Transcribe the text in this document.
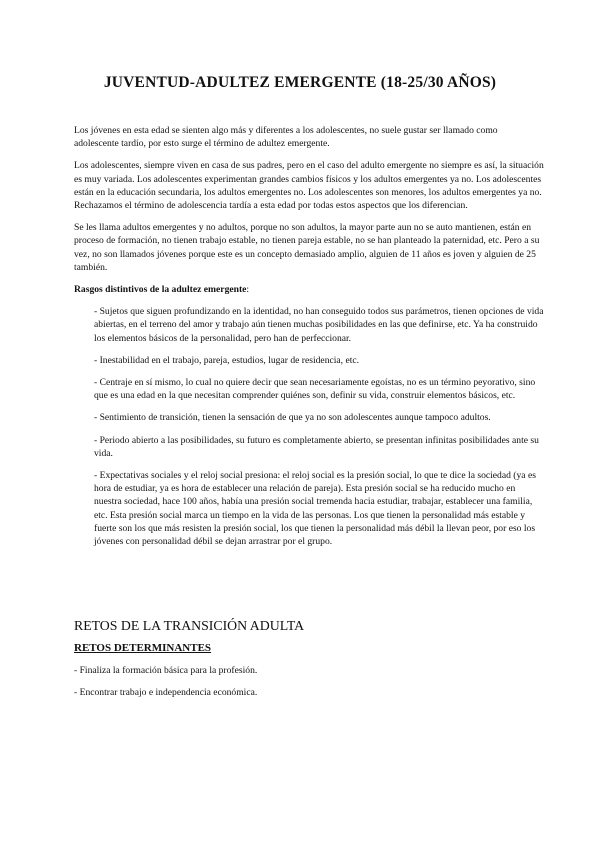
JUVENTUD-ADULTEZ EMERGENTE (18-25/30 AÑOS)

Los jóvenes en esta edad se sienten algo más y diferentes a los adolescentes, no suele gustar ser llamado como adolescente tardío, por esto surge el término de adultez emergente.

Los adolescentes, siempre viven en casa de sus padres, pero en el caso del adulto emergente no siempre es así, la situación es muy variada. Los adolescentes experimentan grandes cambios físicos y los adultos emergentes ya no. Los adolescentes están en la educación secundaria, los adultos emergentes no. Los adolescentes son menores, los adultos emergentes ya no. Rechazamos el término de adolescencia tardía a esta edad por todas estos aspectos que los diferencian.

Se les llama adultos emergentes y no adultos, porque no son adultos, la mayor parte aun no se auto mantienen, están en proceso de formación, no tienen trabajo estable, no tienen pareja estable, no se han planteado la paternidad, etc. Pero a su vez, no son llamados jóvenes porque este es un concepto demasiado amplio, alguien de 11 años es joven y alguien de 25 también.

Rasgos distintivos de la adultez emergente:

- Sujetos que siguen profundizando en la identidad, no han conseguido todos sus parámetros, tienen opciones de vida abiertas, en el terreno del amor y trabajo aún tienen muchas posibilidades en las que definirse, etc. Ya ha construido los elementos básicos de la personalidad, pero han de perfeccionar.

- Inestabilidad en el trabajo, pareja, estudios, lugar de residencia, etc.

- Centraje en sí mismo, lo cual no quiere decir que sean necesariamente egoístas, no es un término peyorativo, sino que es una edad en la que necesitan comprender quiénes son, definir su vida, construir elementos básicos, etc.

- Sentimiento de transición, tienen la sensación de que ya no son adolescentes aunque tampoco adultos.

- Periodo abierto a las posibilidades, su futuro es completamente abierto, se presentan infinitas posibilidades ante su vida.

- Expectativas sociales y el reloj social presiona: el reloj social es la presión social, lo que te dice la sociedad (ya es hora de estudiar, ya es hora de establecer una relación de pareja). Esta presión social se ha reducido mucho en nuestra sociedad, hace 100 años, había una presión social tremenda hacia estudiar, trabajar, establecer una familia, etc. Esta presión social marca un tiempo en la vida de las personas. Los que tienen la personalidad más estable y fuerte son los que más resisten la presión social, los que tienen la personalidad más débil la llevan peor, por eso los jóvenes con personalidad débil se dejan arrastrar por el grupo.

RETOS DE LA TRANSICIÓN ADULTA
RETOS DETERMINANTES

- Finaliza la formación básica para la profesión.

- Encontrar trabajo e independencia económica.
